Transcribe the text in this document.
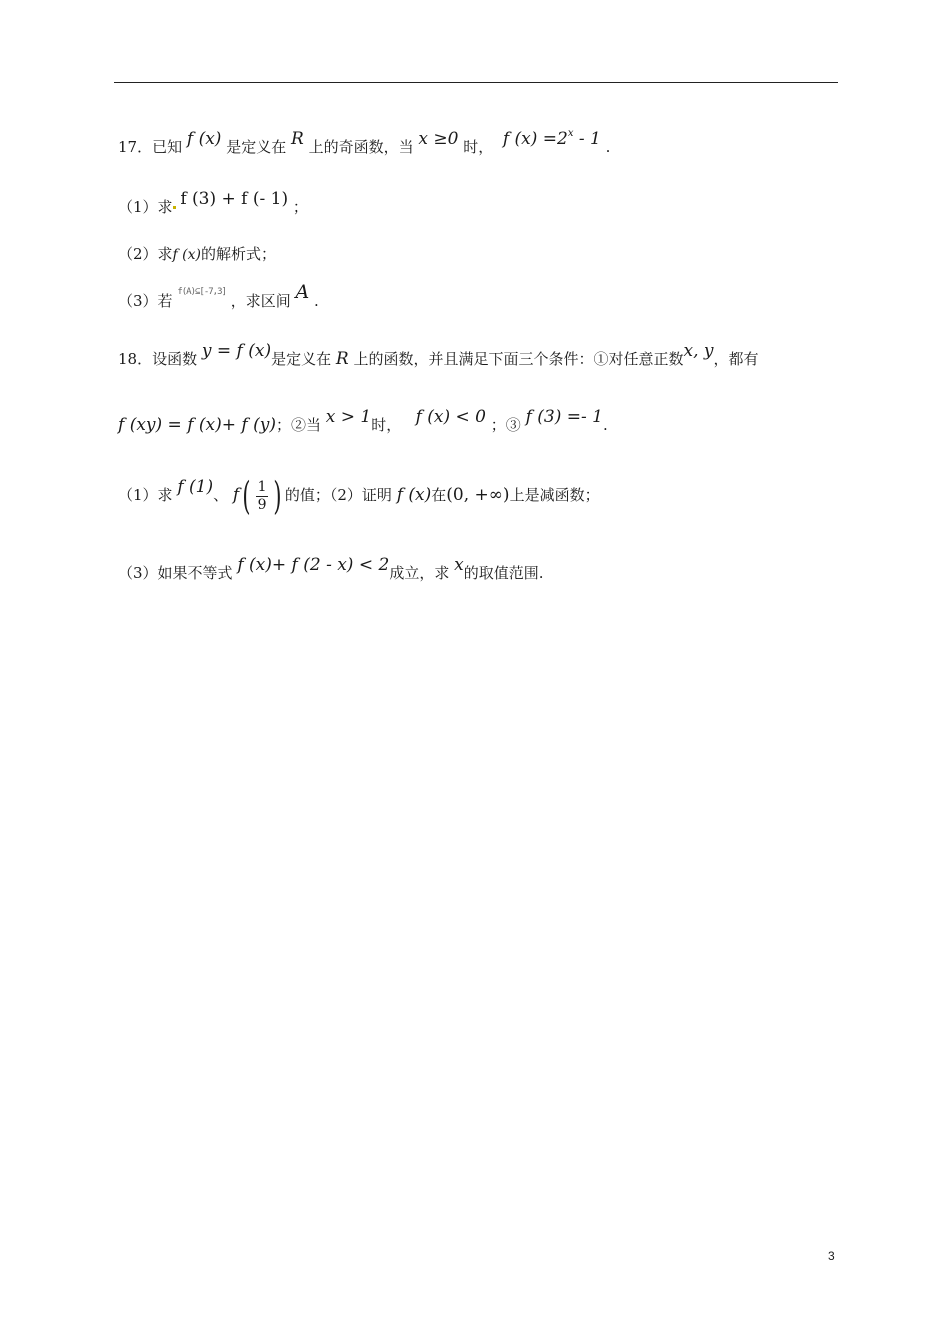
17．已知 f (x) 是定义在 R 上的奇函数，当 x ≥0 时， f $(x) =2^x - 1$ .
（1）求 f (3) + f (- 1) ；
（2）求f (x)的解析式；
（3）若 f(A)⊆[-7,3] ，求区间 A .
18．设函数 y = f (x)是定义在 R 上的函数，并且满足下面三个条件：①对任意正数x, y，都有
f (xy) = f (x)+ f (y)；②当 x > 1时， f (x) < 0 ；③ f (3) =- 1.
（1）求 f (1)、 $f( \frac{1}{9}$ ) 的值；（2）证明 f (x)在(0, +∞)上是减函数；
（3）如果不等式 f (x)+ f (2 - x) < 2成立，求 x的取值范围.
3
